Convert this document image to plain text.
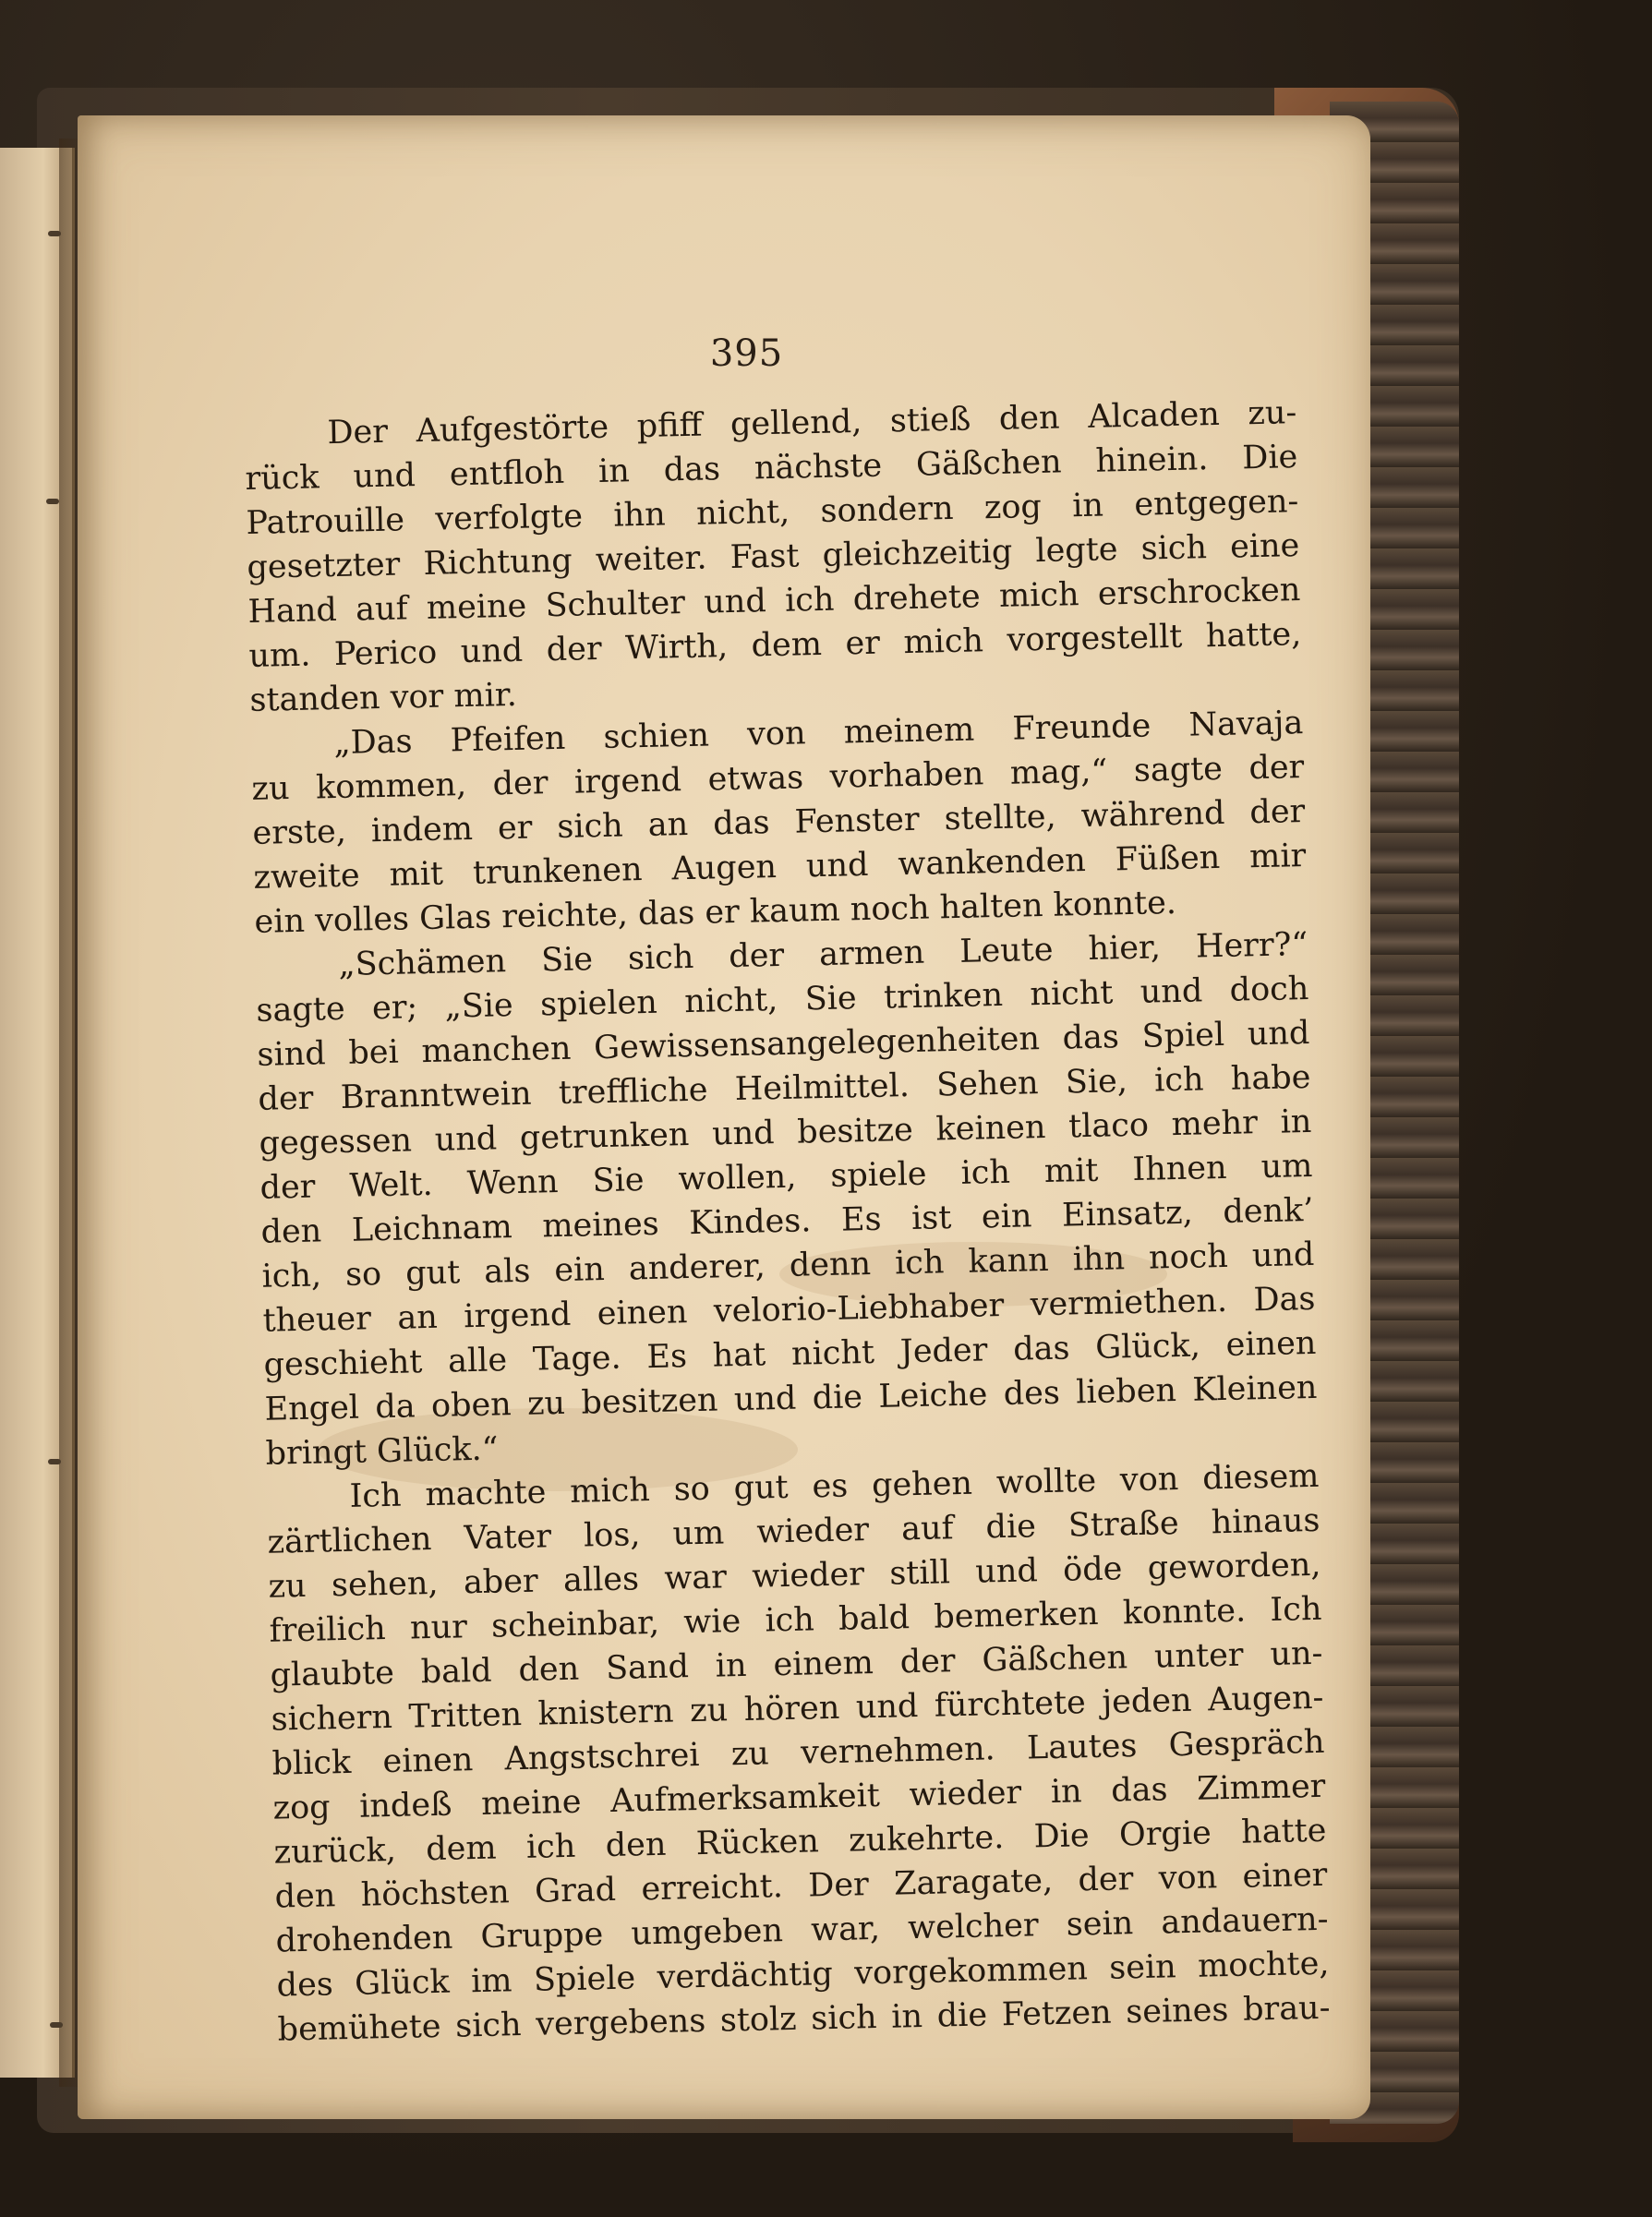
395
Der Aufgestörte pfiff gellend, stieß den Alcaden zu-
rück und entfloh in das nächste Gäßchen hinein. Die
Patrouille verfolgte ihn nicht, sondern zog in entgegen-
gesetzter Richtung weiter. Fast gleichzeitig legte sich eine
Hand auf meine Schulter und ich drehete mich erschrocken
um. Perico und der Wirth, dem er mich vorgestellt hatte,
standen vor mir.
„Das Pfeifen schien von meinem Freunde Navaja
zu kommen, der irgend etwas vorhaben mag,“ sagte der
erste, indem er sich an das Fenster stellte, während der
zweite mit trunkenen Augen und wankenden Füßen mir
ein volles Glas reichte, das er kaum noch halten konnte.
„Schämen Sie sich der armen Leute hier, Herr?“
sagte er; „Sie spielen nicht, Sie trinken nicht und doch
sind bei manchen Gewissensangelegenheiten das Spiel und
der Branntwein treffliche Heilmittel. Sehen Sie, ich habe
gegessen und getrunken und besitze keinen tlaco mehr in
der Welt. Wenn Sie wollen, spiele ich mit Ihnen um
den Leichnam meines Kindes. Es ist ein Einsatz, denk’
ich, so gut als ein anderer, denn ich kann ihn noch und
theuer an irgend einen velorio-Liebhaber vermiethen. Das
geschieht alle Tage. Es hat nicht Jeder das Glück, einen
Engel da oben zu besitzen und die Leiche des lieben Kleinen
bringt Glück.“
Ich machte mich so gut es gehen wollte von diesem
zärtlichen Vater los, um wieder auf die Straße hinaus
zu sehen, aber alles war wieder still und öde geworden,
freilich nur scheinbar, wie ich bald bemerken konnte. Ich
glaubte bald den Sand in einem der Gäßchen unter un-
sichern Tritten knistern zu hören und fürchtete jeden Augen-
blick einen Angstschrei zu vernehmen. Lautes Gespräch
zog indeß meine Aufmerksamkeit wieder in das Zimmer
zurück, dem ich den Rücken zukehrte. Die Orgie hatte
den höchsten Grad erreicht. Der Zaragate, der von einer
drohenden Gruppe umgeben war, welcher sein andauern-
des Glück im Spiele verdächtig vorgekommen sein mochte,
bemühete sich vergebens stolz sich in die Fetzen seines brau-
